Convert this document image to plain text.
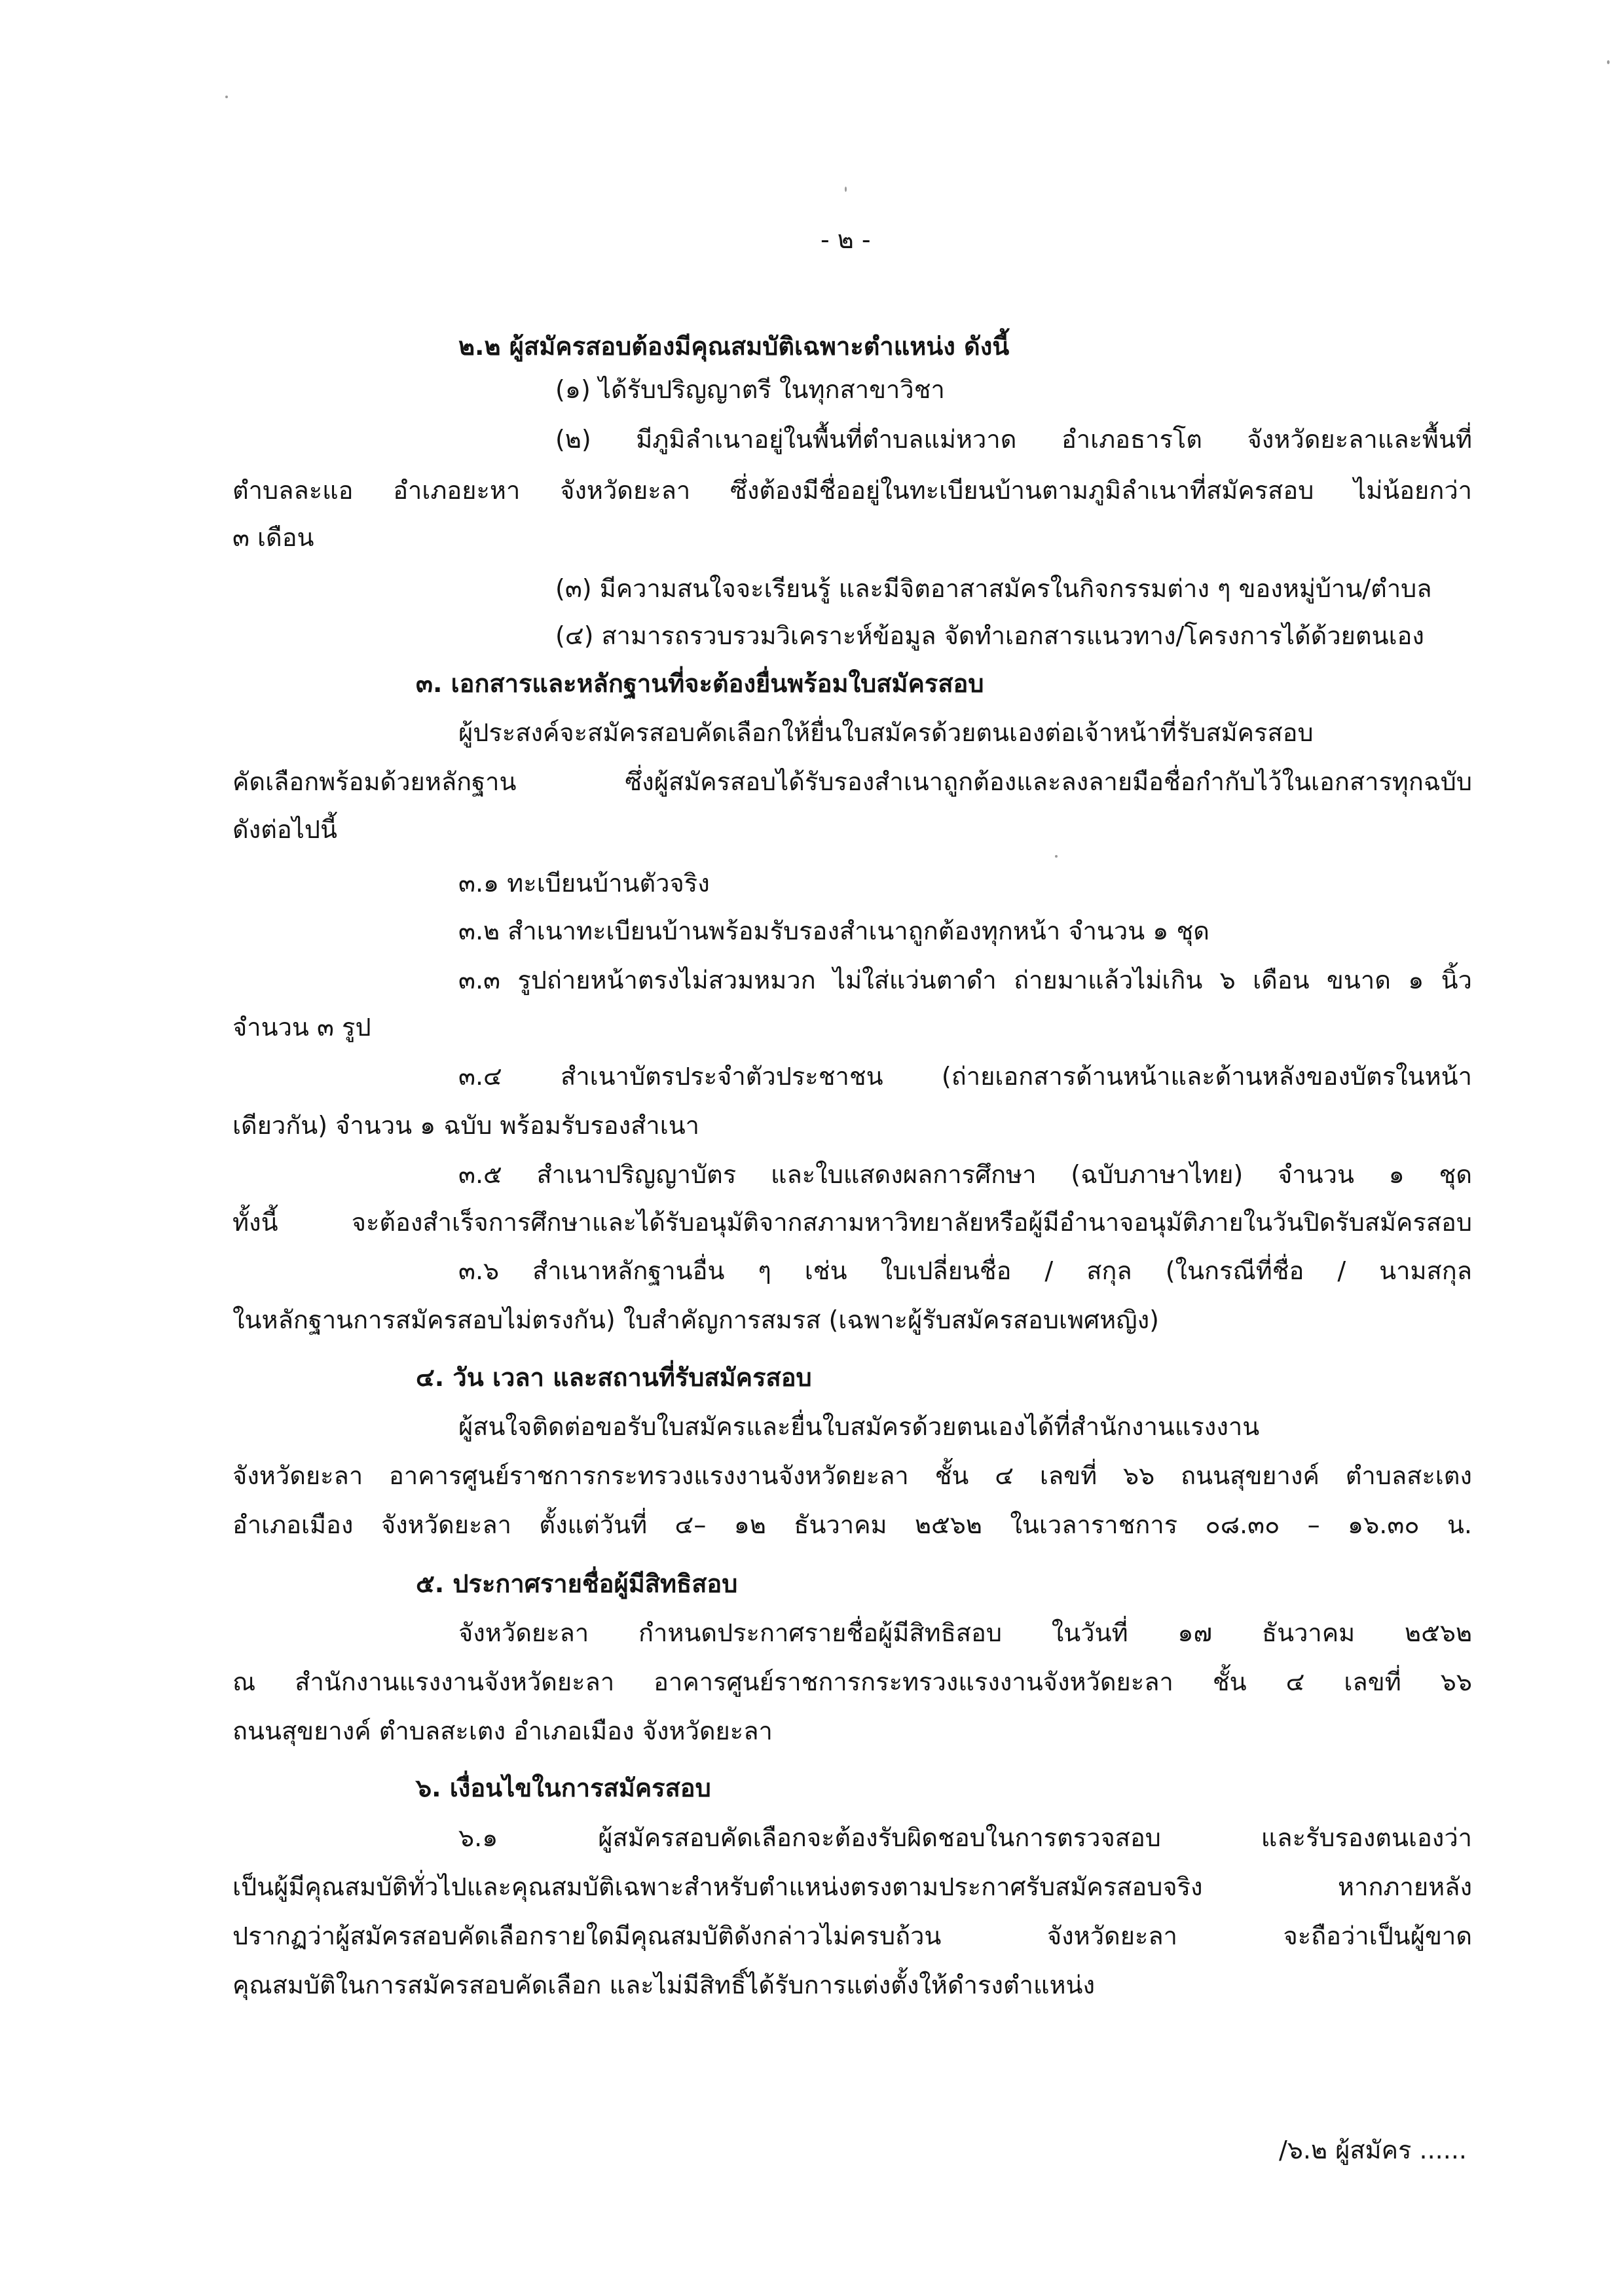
- ๒ -
๒.๒ ผู้สมัครสอบต้องมีคุณสมบัติเฉพาะตำแหน่ง ดังนี้
(๑) ได้รับปริญญาตรี ในทุกสาขาวิชา
(๒) มีภูมิลำเนาอยู่ในพื้นที่ตำบลแม่หวาด อำเภอธารโต จังหวัดยะลาและพื้นที่
ตำบลละแอ อำเภอยะหา จังหวัดยะลา ซึ่งต้องมีชื่ออยู่ในทะเบียนบ้านตามภูมิลำเนาที่สมัครสอบ ไม่น้อยกว่า
๓ เดือน
(๓) มีความสนใจจะเรียนรู้ และมีจิตอาสาสมัครในกิจกรรมต่าง ๆ ของหมู่บ้าน/ตำบล
(๔) สามารถรวบรวมวิเคราะห์ข้อมูล จัดทำเอกสารแนวทาง/โครงการได้ด้วยตนเอง
๓. เอกสารและหลักฐานที่จะต้องยื่นพร้อมใบสมัครสอบ
ผู้ประสงค์จะสมัครสอบคัดเลือกให้ยื่นใบสมัครด้วยตนเองต่อเจ้าหน้าที่รับสมัครสอบ
คัดเลือกพร้อมด้วยหลักฐาน ซึ่งผู้สมัครสอบได้รับรองสำเนาถูกต้องและลงลายมือชื่อกำกับไว้ในเอกสารทุกฉบับ
ดังต่อไปนี้
๓.๑ ทะเบียนบ้านตัวจริง
๓.๒ สำเนาทะเบียนบ้านพร้อมรับรองสำเนาถูกต้องทุกหน้า จำนวน ๑ ชุด
๓.๓ รูปถ่ายหน้าตรงไม่สวมหมวก ไม่ใส่แว่นตาดำ ถ่ายมาแล้วไม่เกิน ๖ เดือน ขนาด ๑ นิ้ว
จำนวน ๓ รูป
๓.๔ สำเนาบัตรประจำตัวประชาชน (ถ่ายเอกสารด้านหน้าและด้านหลังของบัตรในหน้า
เดียวกัน) จำนวน ๑ ฉบับ พร้อมรับรองสำเนา
๓.๕ สำเนาปริญญาบัตร และใบแสดงผลการศึกษา (ฉบับภาษาไทย) จำนวน ๑ ชุด
ทั้งนี้ จะต้องสำเร็จการศึกษาและได้รับอนุมัติจากสภามหาวิทยาลัยหรือผู้มีอำนาจอนุมัติภายในวันปิดรับสมัครสอบ
๓.๖ สำเนาหลักฐานอื่น ๆ เช่น ใบเปลี่ยนชื่อ / สกุล (ในกรณีที่ชื่อ / นามสกุล
ในหลักฐานการสมัครสอบไม่ตรงกัน) ใบสำคัญการสมรส (เฉพาะผู้รับสมัครสอบเพศหญิง)
๔. วัน เวลา และสถานที่รับสมัครสอบ
ผู้สนใจติดต่อขอรับใบสมัครและยื่นใบสมัครด้วยตนเองได้ที่สำนักงานแรงงาน
จังหวัดยะลา อาคารศูนย์ราชการกระทรวงแรงงานจังหวัดยะลา ชั้น ๔ เลขที่ ๖๖ ถนนสุขยางค์ ตำบลสะเตง
อำเภอเมือง จังหวัดยะลา ตั้งแต่วันที่ ๔– ๑๒ ธันวาคม ๒๕๖๒ ในเวลาราชการ ๐๘.๓๐ – ๑๖.๓๐ น.
๕. ประกาศรายชื่อผู้มีสิทธิสอบ
จังหวัดยะลา กำหนดประกาศรายชื่อผู้มีสิทธิสอบ ในวันที่ ๑๗ ธันวาคม ๒๕๖๒
ณ สำนักงานแรงงานจังหวัดยะลา อาคารศูนย์ราชการกระทรวงแรงงานจังหวัดยะลา ชั้น ๔ เลขที่ ๖๖
ถนนสุขยางค์ ตำบลสะเตง อำเภอเมือง จังหวัดยะลา
๖. เงื่อนไขในการสมัครสอบ
๖.๑ ผู้สมัครสอบคัดเลือกจะต้องรับผิดชอบในการตรวจสอบ และรับรองตนเองว่า
เป็นผู้มีคุณสมบัติทั่วไปและคุณสมบัติเฉพาะสำหรับตำแหน่งตรงตามประกาศรับสมัครสอบจริง หากภายหลัง
ปรากฏว่าผู้สมัครสอบคัดเลือกรายใดมีคุณสมบัติดังกล่าวไม่ครบถ้วน จังหวัดยะลา จะถือว่าเป็นผู้ขาด
คุณสมบัติในการสมัครสอบคัดเลือก และไม่มีสิทธิ์ได้รับการแต่งตั้งให้ดำรงตำแหน่ง
/๖.๒ ผู้สมัคร ......
